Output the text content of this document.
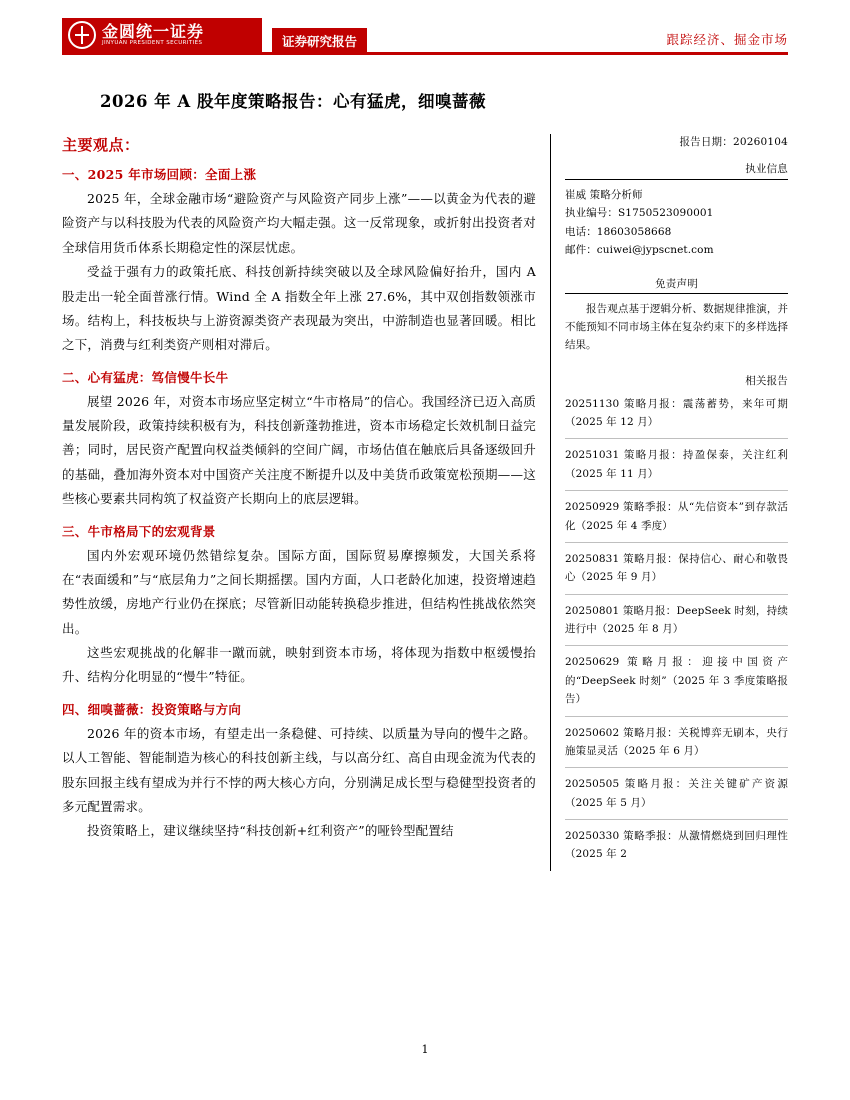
金圆统一证券
JINYUAN PRESIDENT SECURITIES	证券研究报告	跟踪经济、掘金市场
2026 年 A 股年度策略报告：心有猛虎，细嗅蔷薇
主要观点：
一、2025 年市场回顾：全面上涨

2025 年，全球金融市场“避险资产与风险资产同步上涨”——以黄金为代表的避险资产与以科技股为代表的风险资产均大幅走强。这一反常现象，或折射出投资者对全球信用货币体系长期稳定性的深层忧虑。

受益于强有力的政策托底、科技创新持续突破以及全球风险偏好抬升，国内 A 股走出一轮全面普涨行情。Wind 全 A 指数全年上涨 27.6%，其中双创指数领涨市场。结构上，科技板块与上游资源类资产表现最为突出，中游制造也显著回暖。相比之下，消费与红利类资产则相对滞后。

二、心有猛虎：笃信慢牛长牛

展望 2026 年，对资本市场应坚定树立“牛市格局”的信心。我国经济已迈入高质量发展阶段，政策持续积极有为，科技创新蓬勃推进，资本市场稳定长效机制日益完善；同时，居民资产配置向权益类倾斜的空间广阔，市场估值在触底后具备逐级回升的基础，叠加海外资本对中国资产关注度不断提升以及中美货币政策宽松预期——这些核心要素共同构筑了权益资产长期向上的底层逻辑。

三、牛市格局下的宏观背景

国内外宏观环境仍然错综复杂。国际方面，国际贸易摩擦频发，大国关系将在“表面缓和”与“底层角力”之间长期摇摆。国内方面，人口老龄化加速，投资增速趋势性放缓，房地产行业仍在探底；尽管新旧动能转换稳步推进，但结构性挑战依然突出。

这些宏观挑战的化解非一蹴而就，映射到资本市场，将体现为指数中枢缓慢抬升、结构分化明显的“慢牛”特征。

四、细嗅蔷薇：投资策略与方向

2026 年的资本市场，有望走出一条稳健、可持续、以质量为导向的慢牛之路。以人工智能、智能制造为核心的科技创新主线，与以高分红、高自由现金流为代表的股东回报主线有望成为并行不悖的两大核心方向，分别满足成长型与稳健型投资者的多元配置需求。

投资策略上，建议继续坚持“科技创新+红利资产”的哑铃型配置结

报告日期：20260104
执业信息
崔威 策略分析师
执业编号：S1750523090001
电话：18603058668
邮件：cuiwei@jypscnet.com
免责声明
报告观点基于逻辑分析、数据规律推演，并不能预知不同市场主体在复杂约束下的多样选择结果。
相关报告
20251130 策略月报：震荡蓄势，来年可期（2025 年 12 月）
20251031 策略月报：持盈保泰，关注红利（2025 年 11 月）
20250929 策略季报：从“先信资本”到存款活化（2025 年 4 季度）
20250831 策略月报：保持信心、耐心和敬畏心（2025 年 9 月）
20250801 策略月报：DeepSeek 时刻，持续进行中（2025 年 8 月）
20250629 策略月报：迎接中国资产的“DeepSeek 时刻”（2025 年 3 季度策略报告）
20250602 策略月报：关税博弈无刷本，央行施策显灵活（2025 年 6 月）
20250505 策略月报：关注关键矿产资源（2025 年 5 月）
20250330 策略季报：从激情燃烧到回归理性（2025 年 2
1
